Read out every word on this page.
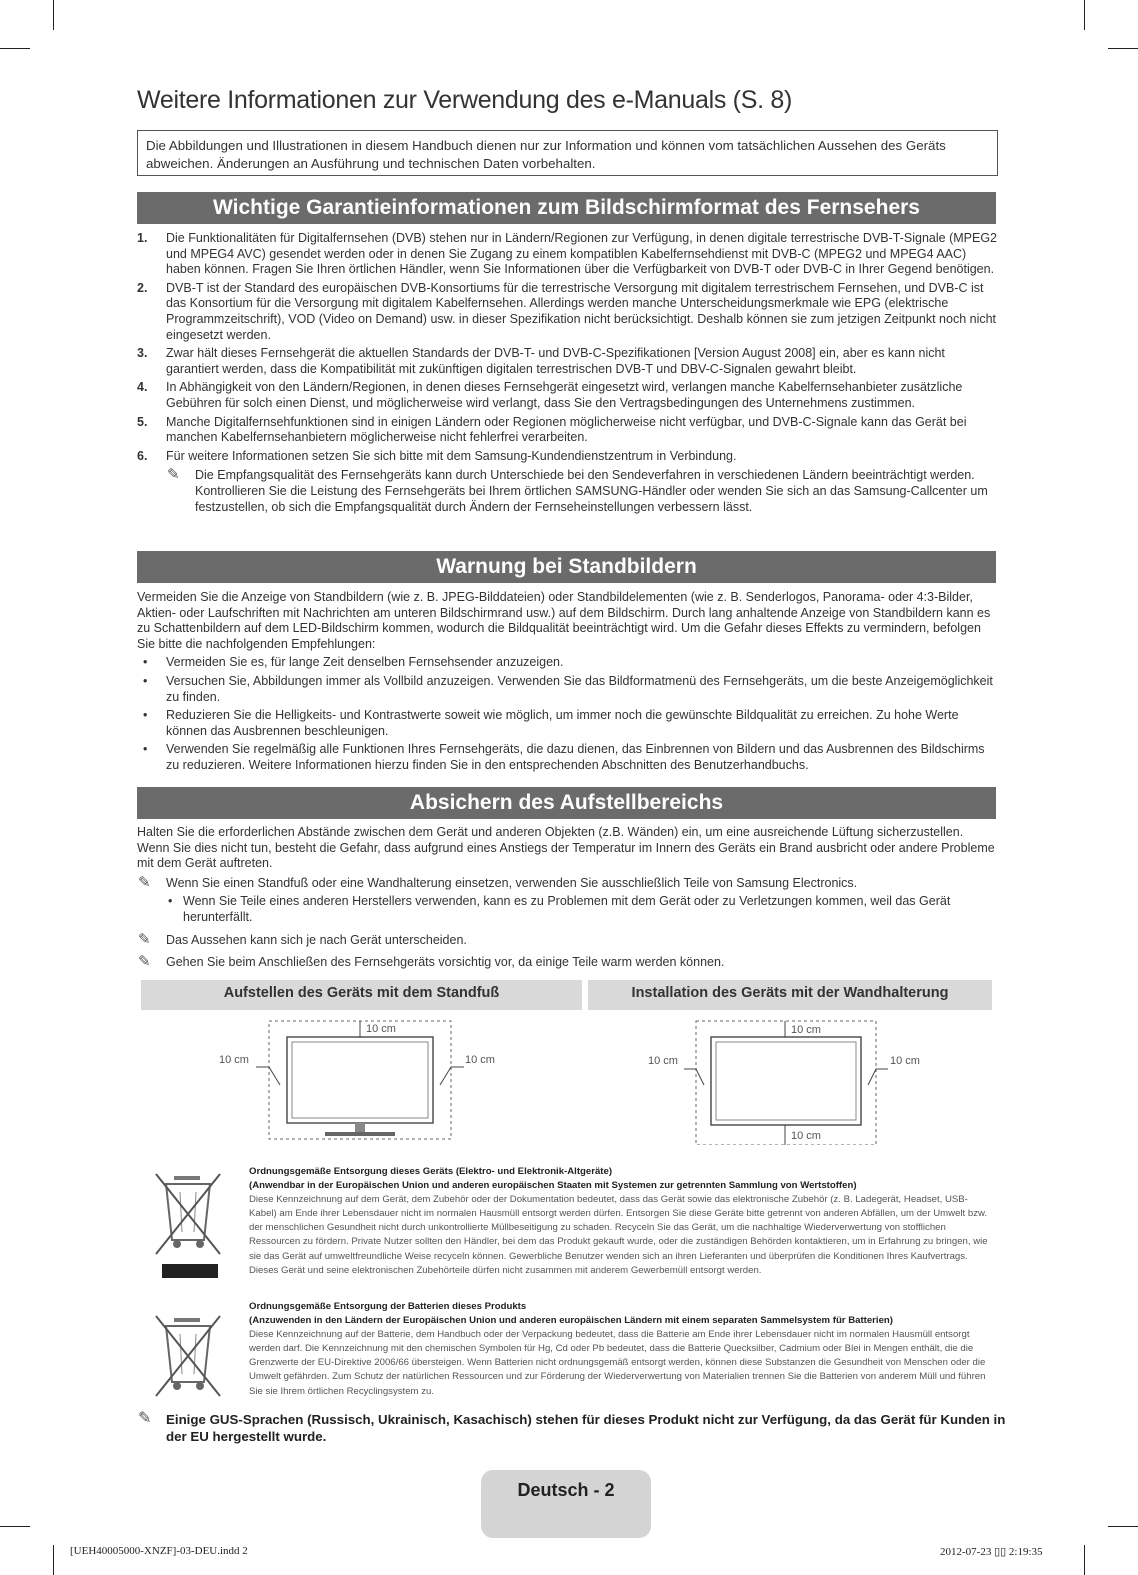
Weitere Informationen zur Verwendung des e-Manuals (S. 8)
Die Abbildungen und Illustrationen in diesem Handbuch dienen nur zur Information und können vom tatsächlichen Aussehen des Geräts abweichen. Änderungen an Ausführung und technischen Daten vorbehalten.
Wichtige Garantieinformationen zum Bildschirmformat des Fernsehers
1. Die Funktionalitäten für Digitalfernsehen (DVB) stehen nur in Ländern/Regionen zur Verfügung, in denen digitale terrestrische DVB-T-Signale (MPEG2 und MPEG4 AVC) gesendet werden oder in denen Sie Zugang zu einem kompatiblen Kabelfernsehdienst mit DVB-C (MPEG2 und MPEG4 AAC) haben können. Fragen Sie Ihren örtlichen Händler, wenn Sie Informationen über die Verfügbarkeit von DVB-T oder DVB-C in Ihrer Gegend benötigen.
2. DVB-T ist der Standard des europäischen DVB-Konsortiums für die terrestrische Versorgung mit digitalem terrestrischem Fernsehen, und DVB-C ist das Konsortium für die Versorgung mit digitalem Kabelfernsehen. Allerdings werden manche Unterscheidungsmerkmale wie EPG (elektrische Programmzeitschrift), VOD (Video on Demand) usw. in dieser Spezifikation nicht berücksichtigt. Deshalb können sie zum jetzigen Zeitpunkt noch nicht eingesetzt werden.
3. Zwar hält dieses Fernsehgerät die aktuellen Standards der DVB-T- und DVB-C-Spezifikationen [Version August 2008] ein, aber es kann nicht garantiert werden, dass die Kompatibilität mit zukünftigen digitalen terrestrischen DVB-T und DBV-C-Signalen gewahrt bleibt.
4. In Abhängigkeit von den Ländern/Regionen, in denen dieses Fernsehgerät eingesetzt wird, verlangen manche Kabelfernsehanbieter zusätzliche Gebühren für solch einen Dienst, und möglicherweise wird verlangt, dass Sie den Vertragsbedingungen des Unternehmens zustimmen.
5. Manche Digitalfernsehfunktionen sind in einigen Ländern oder Regionen möglicherweise nicht verfügbar, und DVB-C-Signale kann das Gerät bei manchen Kabelfernsehanbietern möglicherweise nicht fehlerfrei verarbeiten.
6. Für weitere Informationen setzen Sie sich bitte mit dem Samsung-Kundendienstzentrum in Verbindung.
✎ Die Empfangsqualität des Fernsehgeräts kann durch Unterschiede bei den Sendeverfahren in verschiedenen Ländern beeinträchtigt werden. Kontrollieren Sie die Leistung des Fernsehgeräts bei Ihrem örtlichen SAMSUNG-Händler oder wenden Sie sich an das Samsung-Callcenter um festzustellen, ob sich die Empfangsqualität durch Ändern der Fernseheinstellungen verbessern lässt.
Warnung bei Standbildern

Vermeiden Sie die Anzeige von Standbildern (wie z. B. JPEG-Bilddateien) oder Standbildelementen (wie z. B. Senderlogos, Panorama- oder 4:3-Bilder, Aktien- oder Laufschriften mit Nachrichten am unteren Bildschirmrand usw.) auf dem Bildschirm. Durch lang anhaltende Anzeige von Standbildern kann es zu Schattenbildern auf dem LED-Bildschirm kommen, wodurch die Bildqualität beeinträchtigt wird. Um die Gefahr dieses Effekts zu vermindern, befolgen Sie bitte die nachfolgenden Empfehlungen:

• Vermeiden Sie es, für lange Zeit denselben Fernsehsender anzuzeigen.
• Versuchen Sie, Abbildungen immer als Vollbild anzuzeigen. Verwenden Sie das Bildformatmenü des Fernsehgeräts, um die beste Anzeigemöglichkeit zu finden.
• Reduzieren Sie die Helligkeits- und Kontrastwerte soweit wie möglich, um immer noch die gewünschte Bildqualität zu erreichen. Zu hohe Werte können das Ausbrennen beschleunigen.
• Verwenden Sie regelmäßig alle Funktionen Ihres Fernsehgeräts, die dazu dienen, das Einbrennen von Bildern und das Ausbrennen des Bildschirms zu reduzieren. Weitere Informationen hierzu finden Sie in den entsprechenden Abschnitten des Benutzerhandbuchs.
Absichern des Aufstellbereichs

Halten Sie die erforderlichen Abstände zwischen dem Gerät und anderen Objekten (z.B. Wänden) ein, um eine ausreichende Lüftung sicherzustellen. Wenn Sie dies nicht tun, besteht die Gefahr, dass aufgrund eines Anstiegs der Temperatur im Innern des Geräts ein Brand ausbricht oder andere Probleme mit dem Gerät auftreten.

✎ Wenn Sie einen Standfuß oder eine Wandhalterung einsetzen, verwenden Sie ausschließlich Teile von Samsung Electronics.
• Wenn Sie Teile eines anderen Herstellers verwenden, kann es zu Problemen mit dem Gerät oder zu Verletzungen kommen, weil das Gerät herunterfällt.
✎ Das Aussehen kann sich je nach Gerät unterscheiden.
✎ Gehen Sie beim Anschließen des Fernsehgeräts vorsichtig vor, da einige Teile warm werden können.
Aufstellen des Geräts mit dem Standfuß	Installation des Geräts mit der Wandhalterung
10 cm
10 cm	10 cm
10 cm
10 cm
10 cm	10 cm
Ordnungsgemäße Entsorgung dieses Geräts (Elektro- und Elektronik-Altgeräte)
(Anwendbar in der Europäischen Union und anderen europäischen Staaten mit Systemen zur getrennten Sammlung von Wertstoffen)
Diese Kennzeichnung auf dem Gerät, dem Zubehör oder der Dokumentation bedeutet, dass das Gerät sowie das elektronische Zubehör (z. B. Ladegerät, Headset, USB-Kabel) am Ende ihrer Lebensdauer nicht im normalen Hausmüll entsorgt werden dürfen. Entsorgen Sie diese Geräte bitte getrennt von anderen Abfällen, um der Umwelt bzw. der menschlichen Gesundheit nicht durch unkontrollierte Müllbeseitigung zu schaden. Recyceln Sie das Gerät, um die nachhaltige Wiederverwertung von stofflichen Ressourcen zu fördern. Private Nutzer sollten den Händler, bei dem das Produkt gekauft wurde, oder die zuständigen Behörden kontaktieren, um in Erfahrung zu bringen, wie sie das Gerät auf umweltfreundliche Weise recyceln können. Gewerbliche Benutzer wenden sich an ihren Lieferanten und überprüfen die Konditionen Ihres Kaufvertrags. Dieses Gerät und seine elektronischen Zubehörteile dürfen nicht zusammen mit anderem Gewerbemüll entsorgt werden.
Ordnungsgemäße Entsorgung der Batterien dieses Produkts
(Anzuwenden in den Ländern der Europäischen Union und anderen europäischen Ländern mit einem separaten Sammelsystem für Batterien)
Diese Kennzeichnung auf der Batterie, dem Handbuch oder der Verpackung bedeutet, dass die Batterie am Ende ihrer Lebensdauer nicht im normalen Hausmüll entsorgt werden darf. Die Kennzeichnung mit den chemischen Symbolen für Hg, Cd oder Pb bedeutet, dass die Batterie Quecksilber, Cadmium oder Blei in Mengen enthält, die die Grenzwerte der EU-Direktive 2006/66 übersteigen. Wenn Batterien nicht ordnungsgemäß entsorgt werden, können diese Substanzen die Gesundheit von Menschen oder die Umwelt gefährden. Zum Schutz der natürlichen Ressourcen und zur Förderung der Wiederverwertung von Materialien trennen Sie die Batterien von anderem Müll und führen Sie sie Ihrem örtlichen Recyclingsystem zu.
✎ Einige GUS-Sprachen (Russisch, Ukrainisch, Kasachisch) stehen für dieses Produkt nicht zur Verfügung, da das Gerät für Kunden in der EU hergestellt wurde.
Deutsch - 2
[UEH40005000-XNZF]-03-DEU.indd 2	2012-07-23 ▯▯ 2:19:35
